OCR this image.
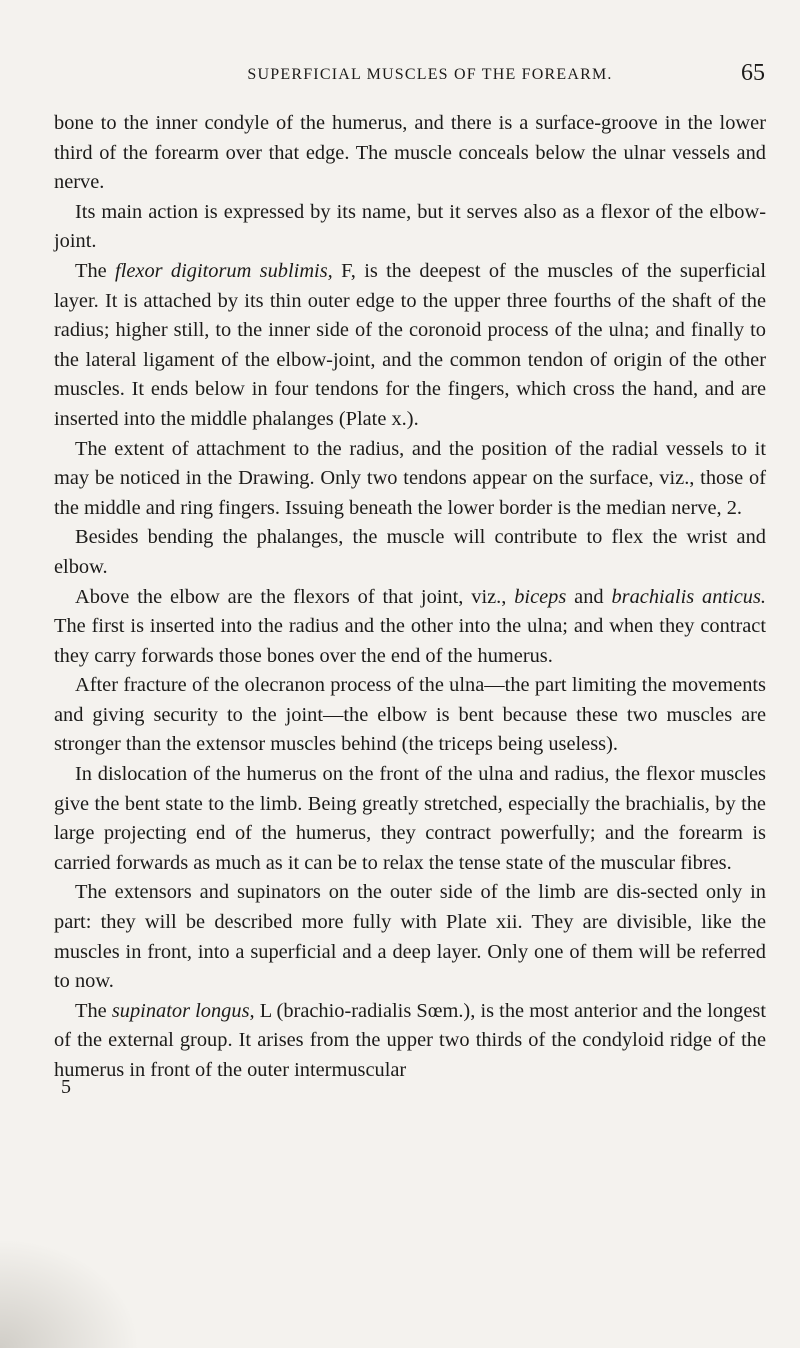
SUPERFICIAL MUSCLES OF THE FOREARM.	65

bone to the inner condyle of the humerus, and there is a surface-groove in the lower third of the forearm over that edge. The muscle conceals below the ulnar vessels and nerve.

Its main action is expressed by its name, but it serves also as a flexor of the elbow-joint.

The flexor digitorum sublimis, F, is the deepest of the muscles of the superficial layer. It is attached by its thin outer edge to the upper three fourths of the shaft of the radius; higher still, to the inner side of the coronoid process of the ulna; and finally to the lateral ligament of the elbow-joint, and the common tendon of origin of the other muscles. It ends below in four tendons for the fingers, which cross the hand, and are inserted into the middle phalanges (Plate x.).

The extent of attachment to the radius, and the position of the radial vessels to it may be noticed in the Drawing. Only two tendons appear on the surface, viz., those of the middle and ring fingers. Issuing beneath the lower border is the median nerve, 2.

Besides bending the phalanges, the muscle will contribute to flex the wrist and elbow.

Above the elbow are the flexors of that joint, viz., biceps and brachialis anticus. The first is inserted into the radius and the other into the ulna; and when they contract they carry forwards those bones over the end of the humerus.

After fracture of the olecranon process of the ulna—the part limiting the movements and giving security to the joint—the elbow is bent because these two muscles are stronger than the extensor muscles behind (the triceps being useless).

In dislocation of the humerus on the front of the ulna and radius, the flexor muscles give the bent state to the limb. Being greatly stretched, especially the brachialis, by the large projecting end of the humerus, they contract powerfully; and the forearm is carried forwards as much as it can be to relax the tense state of the muscular fibres.

The extensors and supinators on the outer side of the limb are dis-sected only in part: they will be described more fully with Plate xii. They are divisible, like the muscles in front, into a superficial and a deep layer. Only one of them will be referred to now.

The supinator longus, L (brachio-radialis Sœm.), is the most anterior and the longest of the external group. It arises from the upper two thirds of the condyloid ridge of the humerus in front of the outer intermuscular

5
